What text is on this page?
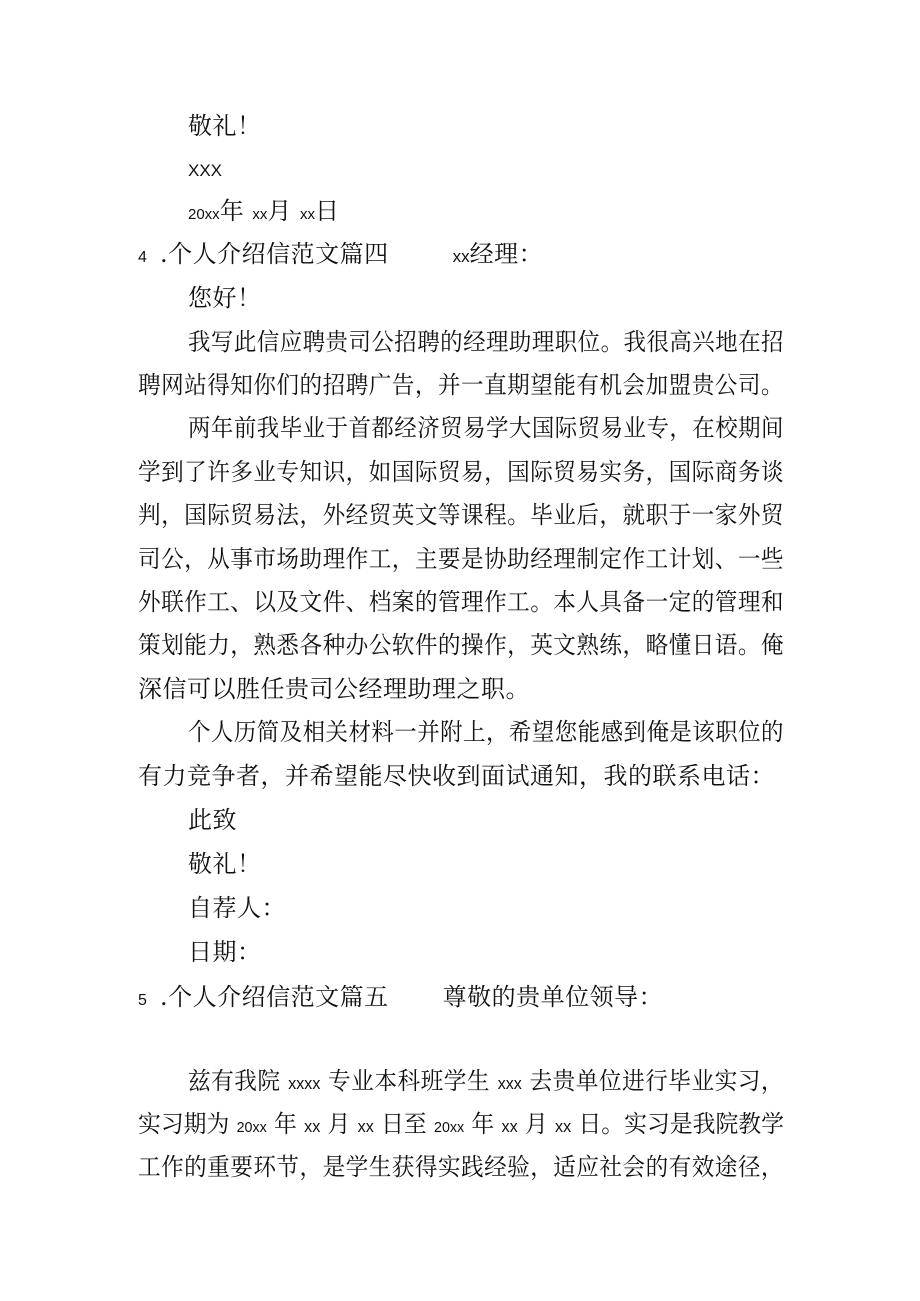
敬礼！
XXX
20xx年 xx月 xx日
4 .个人介绍信范文篇四	xx经理：
您好！
我写此信应聘贵司公招聘的经理助理职位。我很高兴地在招
聘网站得知你们的招聘广告，并一直期望能有机会加盟贵公司。
两年前我毕业于首都经济贸易学大国际贸易业专，在校期间
学到了许多业专知识，如国际贸易，国际贸易实务，国际商务谈
判，国际贸易法，外经贸英文等课程。毕业后，就职于一家外贸
司公，从事市场助理作工，主要是协助经理制定作工计划、一些
外联作工、以及文件、档案的管理作工。本人具备一定的管理和
策划能力，熟悉各种办公软件的操作，英文熟练，略懂日语。俺
深信可以胜任贵司公经理助理之职。
个人历简及相关材料一并附上，希望您能感到俺是该职位的
有力竞争者，并希望能尽快收到面试通知，我的联系电话：
此致
敬礼！
自荐人：
日期：
5 .个人介绍信范文篇五 尊敬的贵单位领导：
兹有我院 xxxx 专业本科班学生 xxx 去贵单位进行毕业实习，
实习期为 20xx 年 xx 月 xx 日至 20xx 年 xx 月 xx 日。实习是我院教学
工作的重要环节，是学生获得实践经验，适应社会的有效途径，
